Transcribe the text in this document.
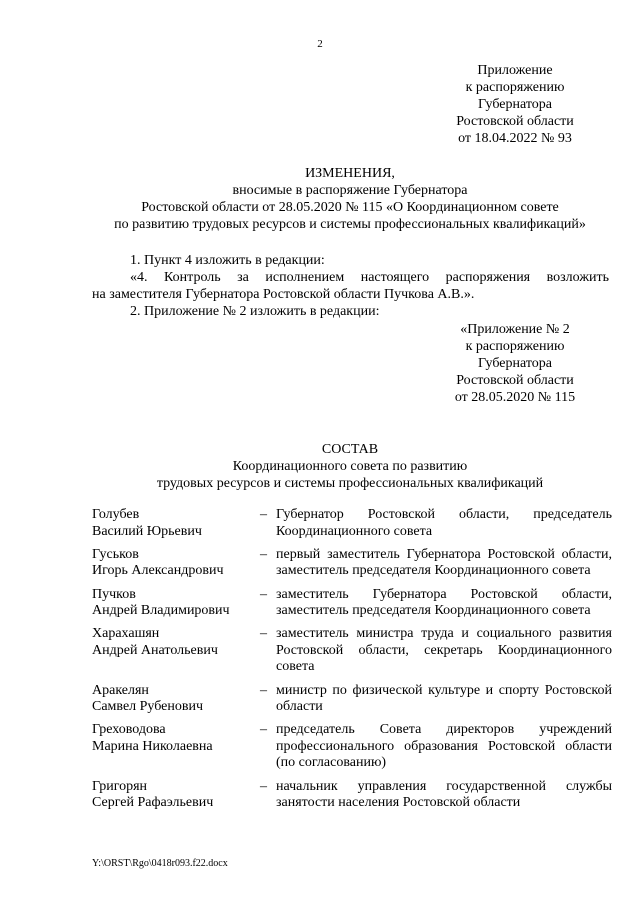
2
Приложение
к распоряжению
Губернатора
Ростовской области
от 18.04.2022 № 93
ИЗМЕНЕНИЯ,
вносимые в распоряжение Губернатора
Ростовской области от 28.05.2020 № 115 «О Координационном совете
по развитию трудовых ресурсов и системы профессиональных квалификаций»
1. Пункт 4 изложить в редакции:
«4. Контроль за исполнением настоящего распоряжения возложить
на заместителя Губернатора Ростовской области Пучкова А.В.».
2. Приложение № 2 изложить в редакции:
«Приложение № 2
к распоряжению
Губернатора
Ростовской области
от 28.05.2020 № 115
СОСТАВ
Координационного совета по развитию
трудовых ресурсов и системы профессиональных квалификаций
Голубев
Василий Юрьевич
– Губернатор Ростовской области, председатель Координационного совета
Гуськов
Игорь Александрович
– первый заместитель Губернатора Ростовской области, заместитель председателя Координационного совета
Пучков
Андрей Владимирович
– заместитель Губернатора Ростовской области, заместитель председателя Координационного совета
Харахашян
Андрей Анатольевич
– заместитель министра труда и социального развития Ростовской области, секретарь Координационного совета
Аракелян
Самвел Рубенович
– министр по физической культуре и спорту Ростовской области
Греховодова
Марина Николаевна
– председатель Совета директоров учреждений профессионального образования Ростовской области (по согласованию)
Григорян
Сергей Рафаэльевич
– начальник управления государственной службы занятости населения Ростовской области
Y:\ORST\Rgo\0418r093.f22.docx
